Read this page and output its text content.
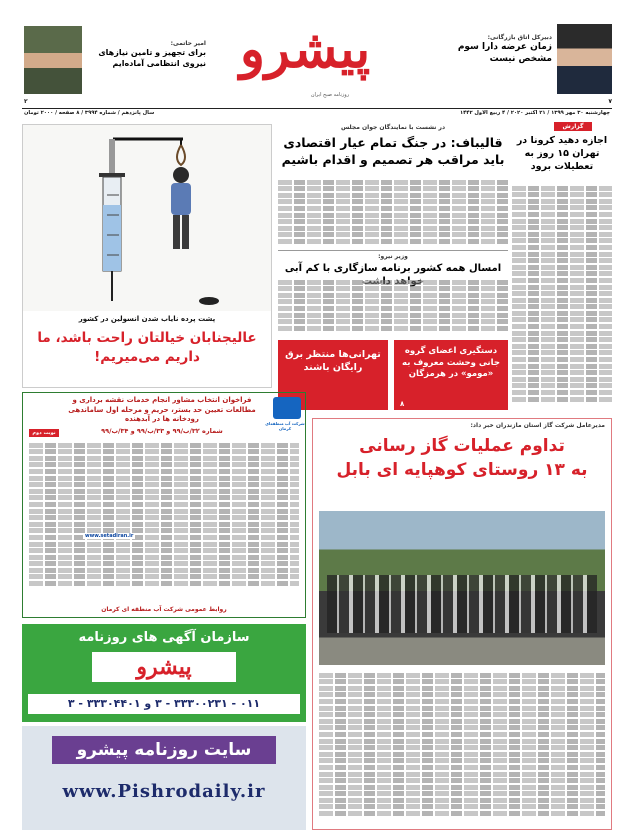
دبیرکل اتاق بازرگانی:
زمان عرضه دارا سوم مشخص نیست
۷
پیشرو
روزنامه صبح ایران
امیر حاتمی:
برای تجهیز و تامین نیازهای نیروی انتظامی آماده‌ایم
۲
چهارشنبه ۳۰ مهر ۱۳۹۹ / ۲۱ اکتبر ۲۰۲۰ / ۴ ربیع الاول ۱۴۴۲
سال پانزدهم / شماره ۳۹۹۴ / ۸ صفحه / ۲۰۰۰ تومان
گزارش
اجازه دهید کرونا در تهران ۱۵ روز به تعطیلات برود
در نشست با نمایندگان جوان مجلس
قالیباف: در جنگ تمام عیار اقتصادی باید مراقب هر تصمیم و اقدام باشیم
وزیر نیرو:
امسال همه کشور برنامه سازگاری با کم آبی
پشت پرده نایاب شدن انسولین در کشور
عالیجنابان خیالتان راحت باشد، ما داریم می‌میریم!	دستگیری اعضای گروه جانی وحشت معروف به «مومو» در هرمزگان
۸
تهرانی‌ها منتظر برق رایگان باشند
مدیرعامل شرکت گاز استان مازندران خبر داد:
تداوم عملیات گاز رسانی
به ۱۳ روستای کوهپایه ای بابل
شرکت آب منطقه‌ای کرمان
فراخوان انتخاب مشاور انجام خدمات نقشه برداری و مطالعات تعیین حد بستر، حریم و مرحله اول ساماندهی رودخانه ها در آبدهنده
شماره ۳۲/ب/۹۹ و ۳۳/ب/۹۹ و ۳۴/ب/۹۹
نوبت دوم
www.setadiran.ir
روابط عمومی شرکت آب منطقه ای کرمان
سازمان آگهی های روزنامه
پیشرو
۰۱۱ - ۳۳۳۰۰۲۳۱ - ۳ و ۳۳۳۰۴۴۰۱ - ۳
سایت روزنامه پیشرو
www.Pishrodaily.ir
